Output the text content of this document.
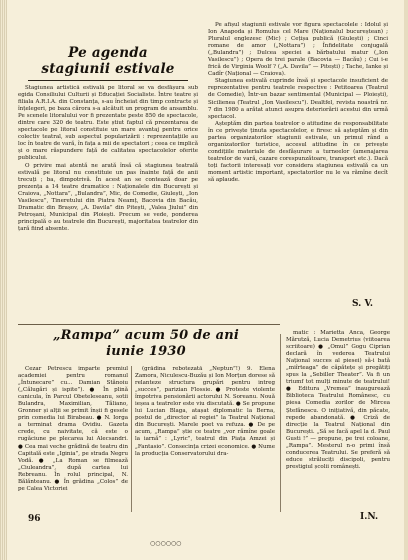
Pe agenda
stagiunii estivale

Stagiunea artistică estivală pe litoral se va desfășura sub egida Consiliului Culturii și Educației Socialiste. Între teatre și filiala A.R.I.A. din Constanța, s-au încheiat din timp contracte și înțelegeri, pe baza cărora s-a alcătuit un program de ansamblu. Pe scenele litoralului vor fi prezentate peste 850 de spectacole, dintre care 320 de teatru. Este știut faptul că prezentarea de spectacole pe litoral constituie un mare avantaj pentru orice colectiv teatral, sub aspectul popularizării : reprezentațiile au loc în teatre de vară, în fața a mii de spectatori ; ceea ce implică și o mare răspundere față de calitatea spectacolelor oferite publicului.

O privire mai atentă ne arată însă că stagiunea teatrală estivală pe litoral nu constituie un pas înainte față de anii trecuți ; ba, dimpotrivă. În acest an se contează doar pe prezența a 14 teatre dramatice : Naționalele din București și Craiova, „Nottara”, „Bulandra”, Mic, de Comedie, Giulești, „Ion Vasilescu”, Tineretului din Piatra Neamț, Bacovia din Bacău, Dramatic din Brașov, „A. Davila” din Pitești, „Valea Jiului” din Petroșani, Municipal din Ploiești. Precum se vede, ponderea principală o au teatrele din București, majoritatea teatrelor din țară fiind absente.

Pe afișul stagiunii estivale vor figura spectacolele : Idolul și Ion Anapoda și Romulus cel Mare (Naționalul bucureștean) ; Pluralul englezesc (Mic) ; Cețișa publică (Giulești) ; Cinci romane de amor („Nottara”) ; Înfidelitate conjugală („Bulandra”) ; Dulcea speciei a bărbatului matur („Ion Vasilescu”) ; Opera de trei parale (Bacovia — Bacău) ; Cui i-e frică de Virginia Woolf ? („A. Davila” — Pitești) ; Tache, Ianke și Cadîr (Național — Craiova).

Stagiunea estivală cuprinde însă și spectacole insuficient de reprezentative pentru teatrele respective : Petitoarea (Teatrul de Comedie), Într-un bazar sentimental (Municipal — Ploiești), Sicilienea (Teatrul „Ion Vasilescu”). Dealtfel, revista noastră nr. 7 din 1980 a arătat atunci asupra deteriorării acestui din urmă spectacol.

Așteptăm din partea teatrelor o atitudine de responsabilitate în ce privește ținuta spectacolelor, e firesc să așteptăm și din partea organizatorilor stagiunii estivale, un primul rând a organizatorilor turistice, accesul atitudine în ce privește condițiile materiale de desfășurare a turneelor (amenajarea teatrelor de vară, cazare corespunzătoare, transport etc.). Dacă toți factorii interesați vor considera stagiunea estivală ca un moment artistic important, spectatorilor nu le va rămîne decît să aplaude.

S. V.
„Rampa” acum 50 de ani
iunie 1930

Cezar Petrescu împarte premiul academiei pentru romanul „Întunecare” cu... Damian Stănoiu („Călugări și ispite”). ● În plină canicula, în Parcul Obeteleseanu, sotii Bulandra, Maximilian, Tăliano, Gronner și alții se primit înșii fi gesele prin comedia lui Birabeau. ● N. Iorga a terminat drama Ovidiu. Gazeta crede, cu naivitate, că este o rugăciune pe plecarea lui Alecsandri. ● Cea mai veche grădină de teatru din Capitală este „Iginia”, pe strada Negru Vodă. ● „La Roman se filmează „Ciuleandra”, după cartea lui Rebreanu. În rolul principal, N. Bălănteanu. ● În grădina „Colos” de pe Calea Victoriei

(grădina rebotezată „Neptun”!) 9. Elena Zamora, Niculescu-Buzău și Ion Morțun dorese să relanteze structura grupări pentru intreg „succes”, parizian Flossie. ● Proteste violente împotriva pensionării actorului N. Soreanu. Nouă ieșea a teatrelor este viu discutată. ● Se propune lui Lucian Blaga, atașat diplomatic la Berna, postul de „director al regiei” la Teatrul Național din București. Marele poet va refuza. ● De pe acum, „Rampa” știe ce teatre „vor rămîne goale la iarnă” : „Lyric”, teatrul din Piața Amzei și „Fantasio”. Consecința crizei economice. ● Nume la producția Conservatorului dra-

matic : Marietta Anca, George Mărutză, Lucia Demetrius (viitoarea scriitoare) ● „Omul” Gogu Ciprian declară în vederea Teatrului Național succes al piesei) să-i bată „miîrteaga” de căpătețe și pregătiți spus la „Sebiller Theater”. Va fi un triumf tot mulți minute de teatrului! ● Editura „Vremea” inaugurează Biblioteca Teatrului Românesc, cu piesa Comedia zorilor de Mircea Ștefănescu. O inițiativă, din păcate, repede abandonată. ● Criză de direcție la Teatrul Național din București. „Să se facă apel la d. Paul Gusti !” — propune, pe trei coloane, „Rampa”. Mesterul n-o primi însă conducerea Teatrului. Se preferă să educe străluciți discipoli, pentru prestigiul școlii românești.

I.N.
○○○○○○
96
